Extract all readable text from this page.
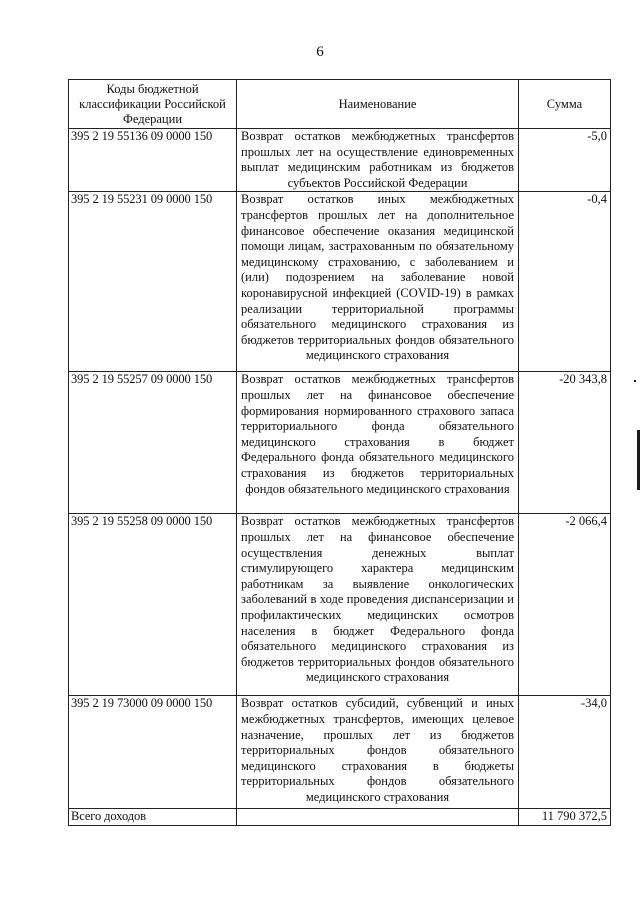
6
Коды бюджетной классификации Российской Федерации	Наименование	Сумма
395 2 19 55136 09 0000 150	Возврат остатков межбюджетных трансфертов прошлых лет на осуществление единовременных выплат медицинским работникам из бюджетов субъектов Российской Федерации	-5,0
395 2 19 55231 09 0000 150	Возврат остатков иных межбюджетных трансфертов прошлых лет на дополнительное финансовое обеспечение оказания медицинской помощи лицам, застрахованным по обязательному медицинскому страхованию, с заболеванием и (или) подозрением на заболевание новой коронавирусной инфекцией (COVID-19) в рамках реализации территориальной программы обязательного медицинского страхования из бюджетов территориальных фондов обязательного медицинского страхования	-0,4
395 2 19 55257 09 0000 150	Возврат остатков межбюджетных трансфертов прошлых лет на финансовое обеспечение формирования нормированного страхового запаса территориального фонда обязательного медицинского страхования в бюджет Федерального фонда обязательного медицинского страхования из бюджетов территориальных фондов обязательного медицинского страхования	-20 343,8
395 2 19 55258 09 0000 150	Возврат остатков межбюджетных трансфертов прошлых лет на финансовое обеспечение осуществления денежных выплат стимулирующего характера медицинским работникам за выявление онкологических заболеваний в ходе проведения диспансеризации и профилактических медицинских осмотров населения в бюджет Федерального фонда обязательного медицинского страхования из бюджетов территориальных фондов обязательного медицинского страхования	-2 066,4
395 2 19 73000 09 0000 150	Возврат остатков субсидий, субвенций и иных межбюджетных трансфертов, имеющих целевое назначение, прошлых лет из бюджетов территориальных фондов обязательного медицинского страхования в бюджеты территориальных фондов обязательного медицинского страхования	-34,0
Всего доходов		11 790 372,5
